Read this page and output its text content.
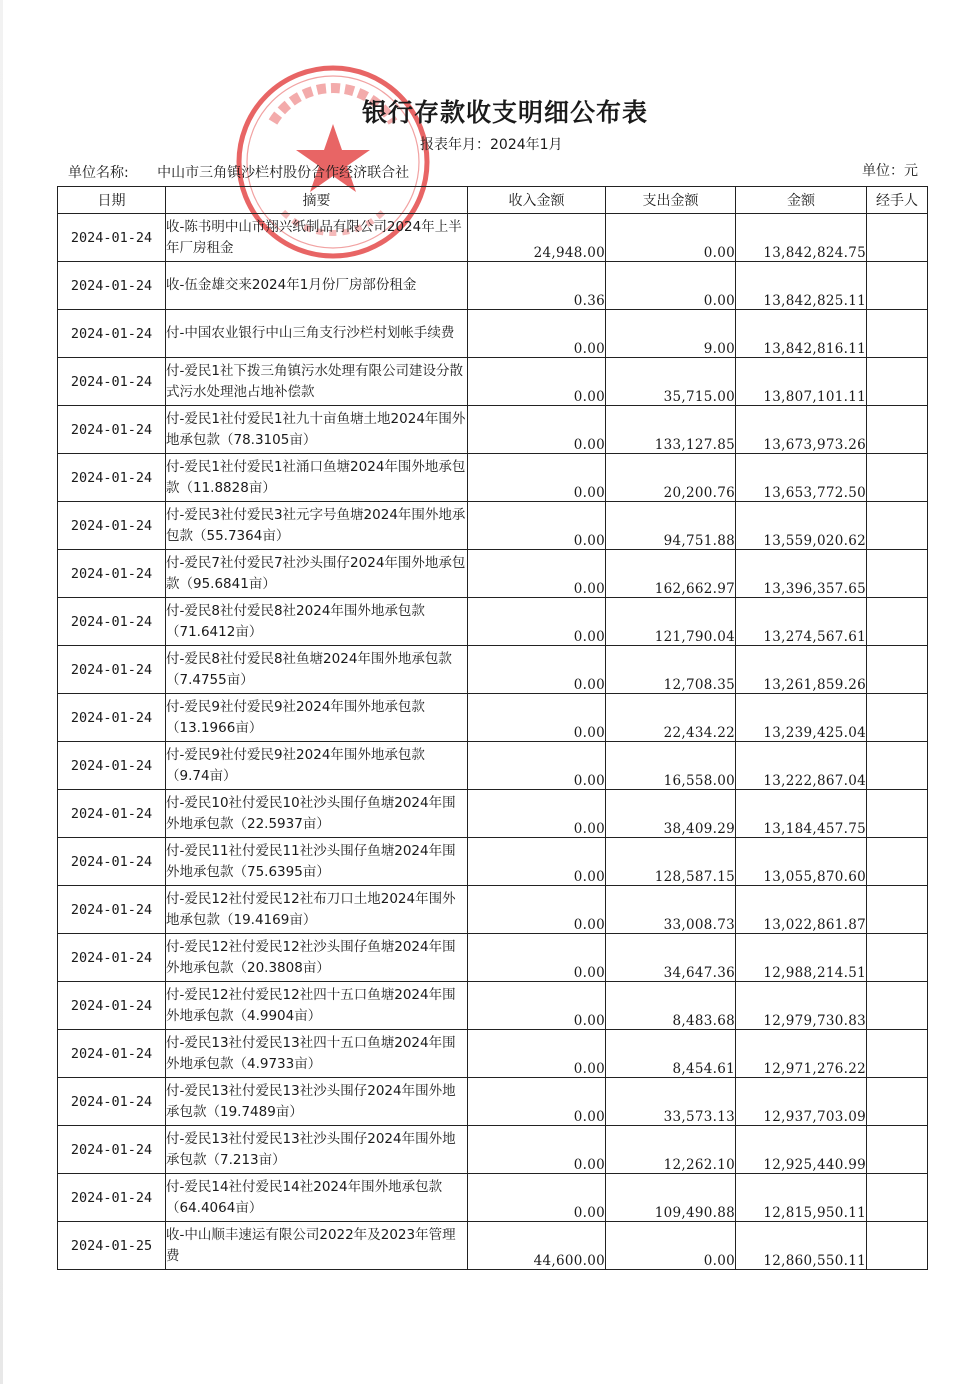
银行存款收支明细公布表
报表年月：2024年1月
单位名称: 中山市三角镇沙栏村股份合作经济联合社	单位：元
日期	摘要	收入金额	支出金额	金额	经手人
2024-01-24	收-陈书明中山市翔兴纸制品有限公司2024年上半年厂房租金	24,948.00	0.00	13,842,824.75	
2024-01-24	收-伍金雄交来2024年1月份厂房部份租金	0.36	0.00	13,842,825.11	
2024-01-24	付-中国农业银行中山三角支行沙栏村划帐手续费	0.00	9.00	13,842,816.11	
2024-01-24	付-爱民1社下拨三角镇污水处理有限公司建设分散式污水处理池占地补偿款	0.00	35,715.00	13,807,101.11	
2024-01-24	付-爱民1社付爱民1社九十亩鱼塘土地2024年围外地承包款（78.3105亩）	0.00	133,127.85	13,673,973.26	
2024-01-24	付-爱民1社付爱民1社涌口鱼塘2024年围外地承包款（11.8828亩）	0.00	20,200.76	13,653,772.50	
2024-01-24	付-爱民3社付爱民3社元字号鱼塘2024年围外地承包款（55.7364亩）	0.00	94,751.88	13,559,020.62	
2024-01-24	付-爱民7社付爱民7社沙头围仔2024年围外地承包款（95.6841亩）	0.00	162,662.97	13,396,357.65	
2024-01-24	付-爱民8社付爱民8社2024年围外地承包款（71.6412亩）	0.00	121,790.04	13,274,567.61	
2024-01-24	付-爱民8社付爱民8社鱼塘2024年围外地承包款（7.4755亩）	0.00	12,708.35	13,261,859.26	
2024-01-24	付-爱民9社付爱民9社2024年围外地承包款（13.1966亩）	0.00	22,434.22	13,239,425.04	
2024-01-24	付-爱民9社付爱民9社2024年围外地承包款（9.74亩）	0.00	16,558.00	13,222,867.04	
2024-01-24	付-爱民10社付爱民10社沙头围仔鱼塘2024年围外地承包款（22.5937亩）	0.00	38,409.29	13,184,457.75	
2024-01-24	付-爱民11社付爱民11社沙头围仔鱼塘2024年围外地承包款（75.6395亩）	0.00	128,587.15	13,055,870.60	
2024-01-24	付-爱民12社付爱民12社布刀口土地2024年围外地承包款（19.4169亩）	0.00	33,008.73	13,022,861.87	
2024-01-24	付-爱民12社付爱民12社沙头围仔鱼塘2024年围外地承包款（20.3808亩）	0.00	34,647.36	12,988,214.51	
2024-01-24	付-爱民12社付爱民12社四十五口鱼塘2024年围外地承包款（4.9904亩）	0.00	8,483.68	12,979,730.83	
2024-01-24	付-爱民13社付爱民13社四十五口鱼塘2024年围外地承包款（4.9733亩）	0.00	8,454.61	12,971,276.22	
2024-01-24	付-爱民13社付爱民13社沙头围仔2024年围外地承包款（19.7489亩）	0.00	33,573.13	12,937,703.09	
2024-01-24	付-爱民13社付爱民13社沙头围仔2024年围外地承包款（7.213亩）	0.00	12,262.10	12,925,440.99	
2024-01-24	付-爱民14社付爱民14社2024年围外地承包款（64.4064亩）	0.00	109,490.88	12,815,950.11	
2024-01-25	收-中山顺丰速运有限公司2022年及2023年管理费	44,600.00	0.00	12,860,550.11	
